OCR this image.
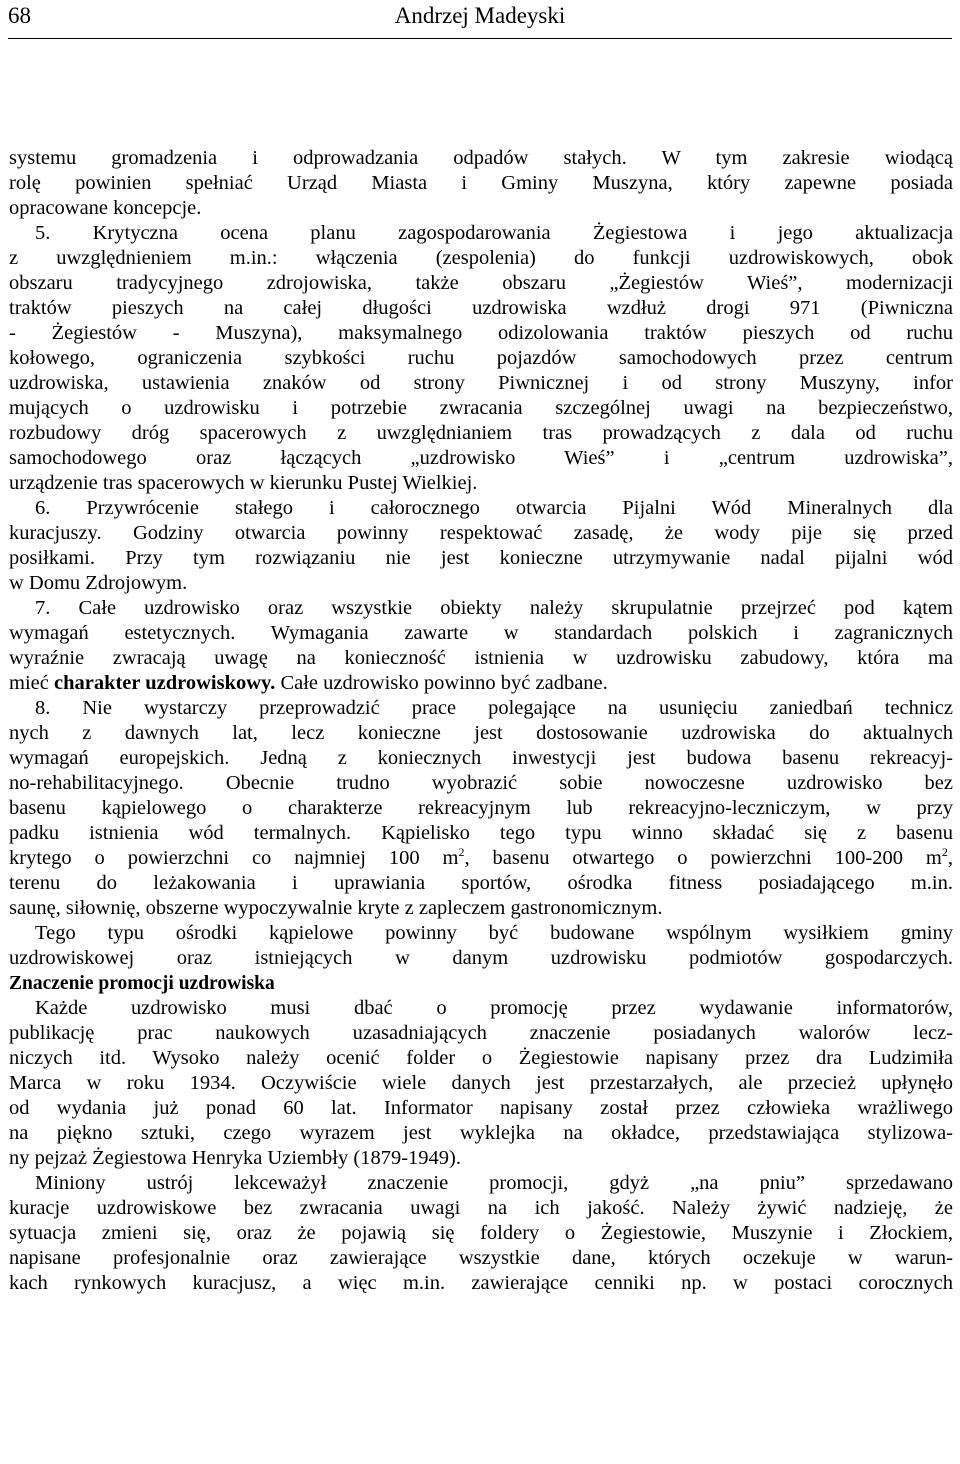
68	Andrzej Madeyski
systemu gromadzenia i odprowadzania odpadów stałych. W tym zakresie wiodącą
rolę powinien spełniać Urząd Miasta i Gminy Muszyna, który zapewne posiada
opracowane koncepcje.
5. Krytyczna ocena planu zagospodarowania Żegiestowa i jego aktualizacja
z uwzględnieniem m.in.: włączenia (zespolenia) do funkcji uzdrowiskowych, obok
obszaru tradycyjnego zdrojowiska, także obszaru „Żegiestów Wieś”, modernizacji
traktów pieszych na całej długości uzdrowiska wzdłuż drogi 971 (Piwniczna
- Żegiestów - Muszyna), maksymalnego odizolowania traktów pieszych od ruchu
kołowego, ograniczenia szybkości ruchu pojazdów samochodowych przez centrum
uzdrowiska, ustawienia znaków od strony Piwnicznej i od strony Muszyny, infor
mujących o uzdrowisku i potrzebie zwracania szczególnej uwagi na bezpieczeństwo,
rozbudowy dróg spacerowych z uwzględnianiem tras prowadzących z dala od ruchu
samochodowego oraz łączących „uzdrowisko Wieś” i „centrum uzdrowiska”,
urządzenie tras spacerowych w kierunku Pustej Wielkiej.
6. Przywrócenie stałego i całorocznego otwarcia Pijalni Wód Mineralnych dla
kuracjuszy. Godziny otwarcia powinny respektować zasadę, że wody pije się przed
posiłkami. Przy tym rozwiązaniu nie jest konieczne utrzymywanie nadal pijalni wód
w Domu Zdrojowym.
7. Całe uzdrowisko oraz wszystkie obiekty należy skrupulatnie przejrzeć pod kątem
wymagań estetycznych. Wymagania zawarte w standardach polskich i zagranicznych
wyraźnie zwracają uwagę na konieczność istnienia w uzdrowisku zabudowy, która ma
mieć charakter uzdrowiskowy. Całe uzdrowisko powinno być zadbane.
8. Nie wystarczy przeprowadzić prace polegające na usunięciu zaniedbań technicz
nych z dawnych lat, lecz konieczne jest dostosowanie uzdrowiska do aktualnych
wymagań europejskich. Jedną z koniecznych inwestycji jest budowa basenu rekreacyj-
no-rehabilitacyjnego. Obecnie trudno wyobrazić sobie nowoczesne uzdrowisko bez
basenu kąpielowego o charakterze rekreacyjnym lub rekreacyjno-leczniczym, w przy
padku istnienia wód termalnych. Kąpielisko tego typu winno składać się z basenu
krytego o powierzchni co najmniej 100 $m^2$, basenu otwartego o powierzchni 100-200 $m^2$,
terenu do leżakowania i uprawiania sportów, ośrodka fitness posiadającego m.in.
saunę, siłownię, obszerne wypoczywalnie kryte z zapleczem gastronomicznym.
Tego typu ośrodki kąpielowe powinny być budowane wspólnym wysiłkiem gminy
uzdrowiskowej oraz istniejących w danym uzdrowisku podmiotów gospodarczych.
Znaczenie promocji uzdrowiska
Każde uzdrowisko musi dbać o promocję przez wydawanie informatorów,
publikację prac naukowych uzasadniających znaczenie posiadanych walorów lecz-
niczych itd. Wysoko należy ocenić folder o Żegiestowie napisany przez dra Ludzimiła
Marca w roku 1934. Oczywiście wiele danych jest przestarzałych, ale przecież upłynęło
od wydania już ponad 60 lat. Informator napisany został przez człowieka wrażliwego
na piękno sztuki, czego wyrazem jest wyklejka na okładce, przedstawiająca stylizowa-
ny pejzaż Żegiestowa Henryka Uziembły (1879-1949).
Miniony ustrój lekceważył znaczenie promocji, gdyż „na pniu” sprzedawano
kuracje uzdrowiskowe bez zwracania uwagi na ich jakość. Należy żywić nadzieję, że
sytuacja zmieni się, oraz że pojawią się foldery o Żegiestowie, Muszynie i Złockiem,
napisane profesjonalnie oraz zawierające wszystkie dane, których oczekuje w warun-
kach rynkowych kuracjusz, a więc m.in. zawierające cenniki np. w postaci corocznych
